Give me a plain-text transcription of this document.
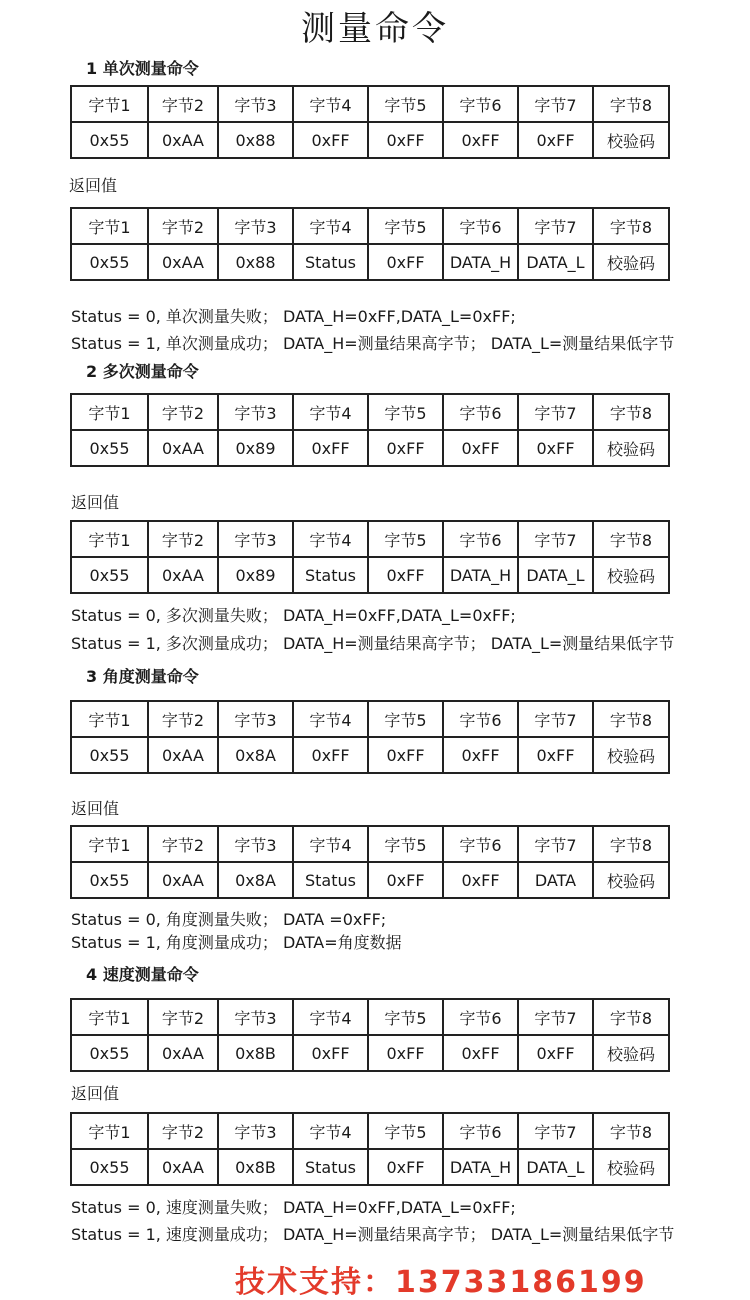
测量命令
1 单次测量命令
字节1	字节2	字节3	字节4	字节5	字节6	字节7	字节8
0x55	0xAA	0x88	0xFF	0xFF	0xFF	0xFF	校验码
返回值
字节1	字节2	字节3	字节4	字节5	字节6	字节7	字节8
0x55	0xAA	0x88	Status	0xFF	DATA_H	DATA_L	校验码
Status = 0, 单次测量失败； DATA_H=0xFF,DATA_L=0xFF;
Status = 1, 单次测量成功； DATA_H=测量结果高字节； DATA_L=测量结果低字节
2 多次测量命令
字节1	字节2	字节3	字节4	字节5	字节6	字节7	字节8
0x55	0xAA	0x89	0xFF	0xFF	0xFF	0xFF	校验码
返回值
字节1	字节2	字节3	字节4	字节5	字节6	字节7	字节8
0x55	0xAA	0x89	Status	0xFF	DATA_H	DATA_L	校验码
Status = 0, 多次测量失败； DATA_H=0xFF,DATA_L=0xFF;
Status = 1, 多次测量成功； DATA_H=测量结果高字节； DATA_L=测量结果低字节
3 角度测量命令
字节1	字节2	字节3	字节4	字节5	字节6	字节7	字节8
0x55	0xAA	0x8A	0xFF	0xFF	0xFF	0xFF	校验码
返回值
字节1	字节2	字节3	字节4	字节5	字节6	字节7	字节8
0x55	0xAA	0x8A	Status	0xFF	0xFF	DATA	校验码
Status = 0, 角度测量失败； DATA =0xFF;
Status = 1, 角度测量成功； DATA=角度数据
4 速度测量命令
字节1	字节2	字节3	字节4	字节5	字节6	字节7	字节8
0x55	0xAA	0x8B	0xFF	0xFF	0xFF	0xFF	校验码
返回值
字节1	字节2	字节3	字节4	字节5	字节6	字节7	字节8
0x55	0xAA	0x8B	Status	0xFF	DATA_H	DATA_L	校验码
Status = 0, 速度测量失败； DATA_H=0xFF,DATA_L=0xFF;
Status = 1, 速度测量成功； DATA_H=测量结果高字节； DATA_L=测量结果低字节
技术支持：13733186199
